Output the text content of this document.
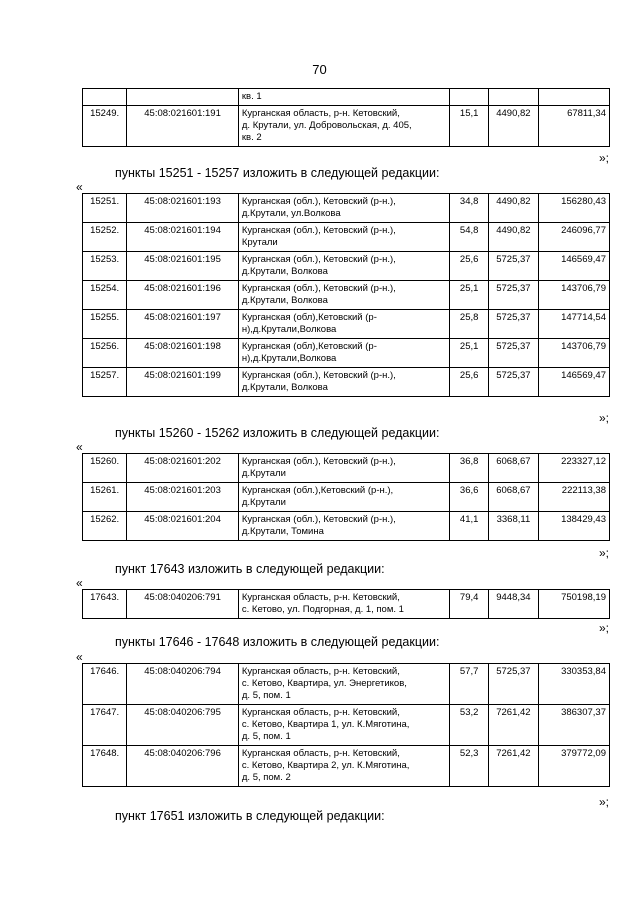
70

		кв. 1			

15249.	45:08:021601:191	Курганская область, р-н. Кетовский,
д. Крутали, ул. Добровольская, д. 405,
кв. 2	15,1	4490,82	67811,34
»;
пункты 15251 - 15257 изложить в следующей редакции:
«
15251.	45:08:021601:193	Курганская (обл.), Кетовский (р-н.),
д.Крутали, ул.Волкова	34,8	4490,82	156280,43
15252.	45:08:021601:194	Курганская (обл.), Кетовский (р-н.),
Крутали	54,8	4490,82	246096,77
15253.	45:08:021601:195	Курганская (обл.), Кетовский (р-н.),
д.Крутали, Волкова	25,6	5725,37	146569,47
15254.	45:08:021601:196	Курганская (обл.), Кетовский (р-н.),
д.Крутали, Волкова	25,1	5725,37	143706,79
15255.	45:08:021601:197	Курганская (обл),Кетовский (р-
н),д.Крутали,Волкова	25,8	5725,37	147714,54
15256.	45:08:021601:198	Курганская (обл),Кетовский (р-
н),д.Крутали,Волкова	25,1	5725,37	143706,79
15257.	45:08:021601:199	Курганская (обл.), Кетовский (р-н.),
д.Крутали, Волкова	25,6	5725,37	146569,47
»;
пункты 15260 - 15262 изложить в следующей редакции:
«
15260.	45:08:021601:202	Курганская (обл.), Кетовский (р-н.),
д.Крутали	36,8	6068,67	223327,12
15261.	45:08:021601:203	Курганская (обл.),Кетовский (р-н.),
д.Крутали	36,6	6068,67	222113,38
15262.	45:08:021601:204	Курганская (обл.), Кетовский (р-н.),
д.Крутали, Томина	41,1	3368,11	138429,43
»;
пункт 17643 изложить в следующей редакции:
«
17643.	45:08:040206:791	Курганская область, р-н. Кетовский,
с. Кетово, ул. Подгорная, д. 1, пом. 1
	79,4	9448,34	750198,19
»;
пункты 17646 - 17648 изложить в следующей редакции:
«
17646.	45:08:040206:794	Курганская область, р-н. Кетовский,
с. Кетово, Квартира, ул. Энергетиков,
д. 5, пом. 1	57,7	5725,37	330353,84
17647.	45:08:040206:795	Курганская область, р-н. Кетовский,
с. Кетово, Квартира 1, ул. К.Мяготина,
д. 5, пом. 1	53,2	7261,42	386307,37
17648.	45:08:040206:796	Курганская область, р-н. Кетовский,
с. Кетово, Квартира 2, ул. К.Мяготина,
д. 5, пом. 2	52,3	7261,42	379772,09
»;
пункт 17651 изложить в следующей редакции:
